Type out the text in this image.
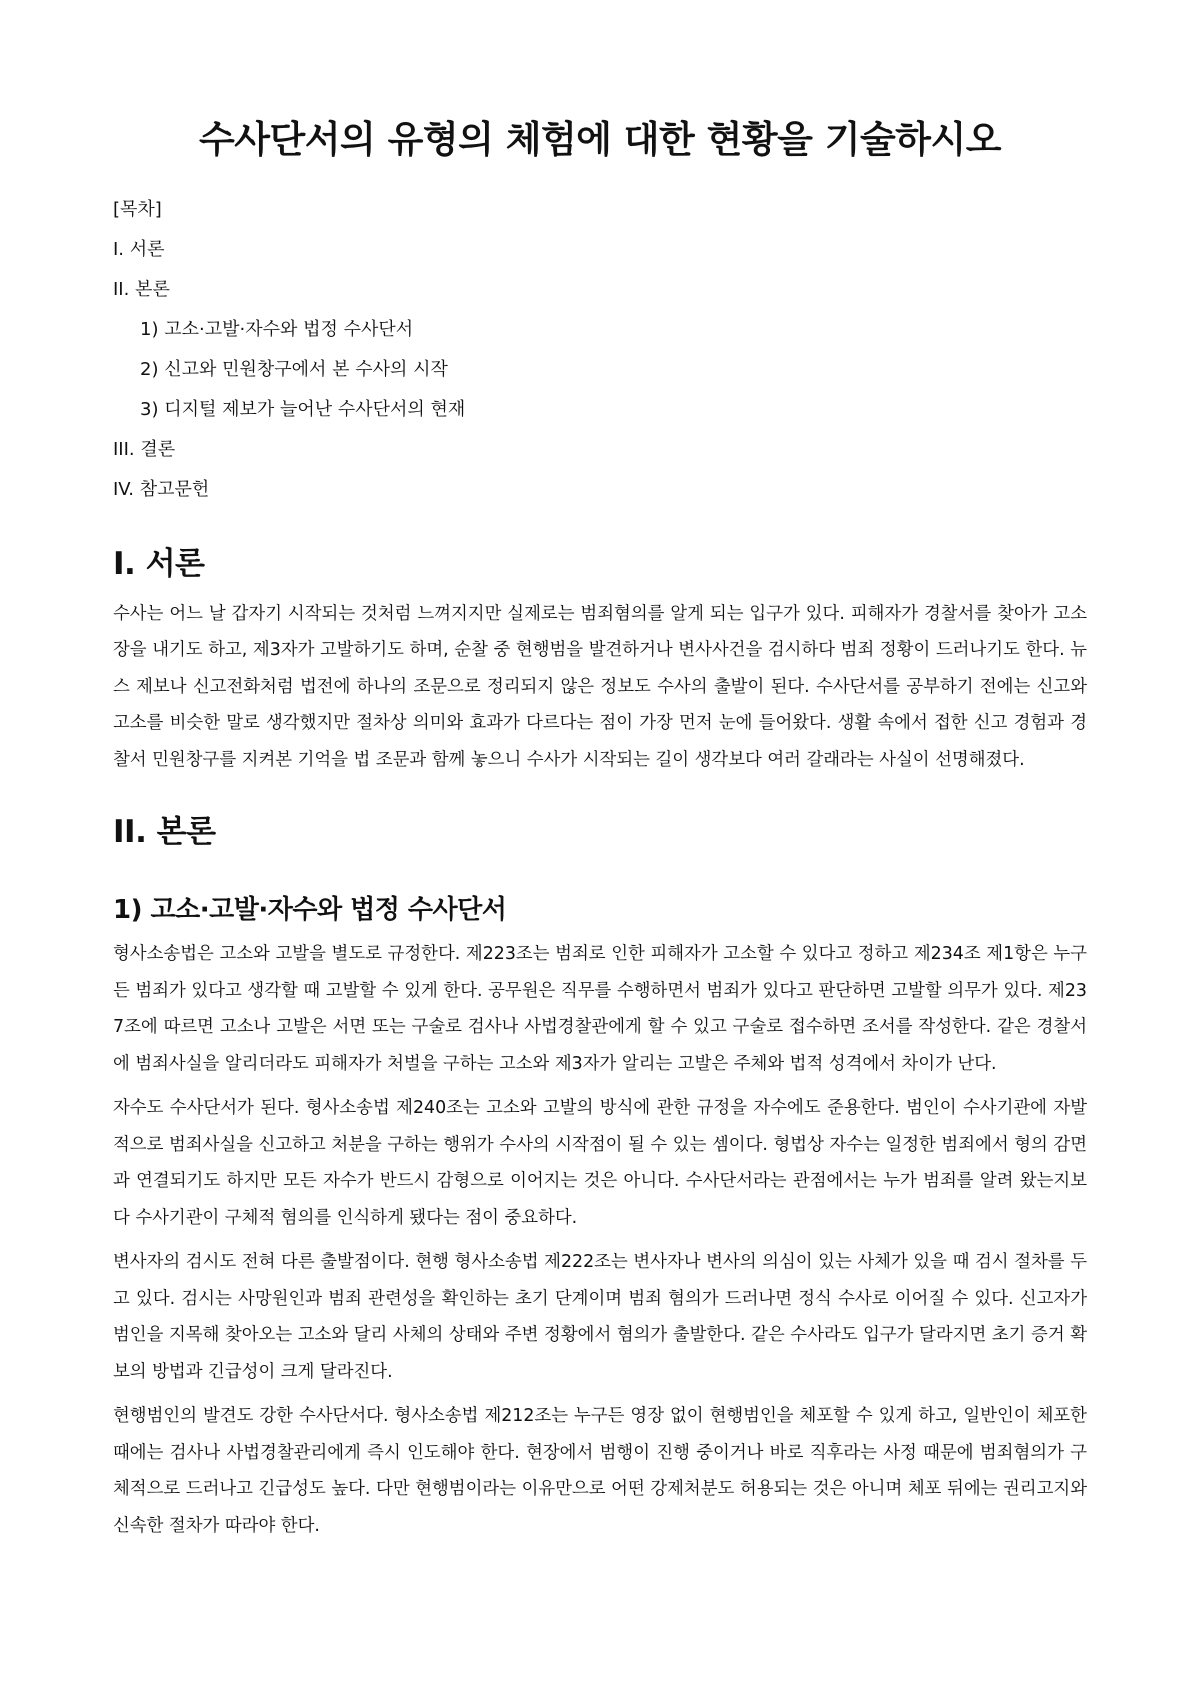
수사단서의 유형의 체험에 대한 현황을 기술하시오
[목차]
I. 서론
II. 본론
1) 고소·고발·자수와 법정 수사단서
2) 신고와 민원창구에서 본 수사의 시작
3) 디지털 제보가 늘어난 수사단서의 현재
III. 결론
IV. 참고문헌
I. 서론

수사는 어느 날 갑자기 시작되는 것처럼 느껴지지만 실제로는 범죄혐의를 알게 되는 입구가 있다. 피해자가 경찰서를 찾아가 고소장을 내기도 하고, 제3자가 고발하기도 하며, 순찰 중 현행범을 발견하거나 변사사건을 검시하다 범죄 정황이 드러나기도 한다. 뉴스 제보나 신고전화처럼 법전에 하나의 조문으로 정리되지 않은 정보도 수사의 출발이 된다. 수사단서를 공부하기 전에는 신고와 고소를 비슷한 말로 생각했지만 절차상 의미와 효과가 다르다는 점이 가장 먼저 눈에 들어왔다. 생활 속에서 접한 신고 경험과 경찰서 민원창구를 지켜본 기억을 법 조문과 함께 놓으니 수사가 시작되는 길이 생각보다 여러 갈래라는 사실이 선명해졌다.

II. 본론
1) 고소·고발·자수와 법정 수사단서

형사소송법은 고소와 고발을 별도로 규정한다. 제223조는 범죄로 인한 피해자가 고소할 수 있다고 정하고 제234조 제1항은 누구든 범죄가 있다고 생각할 때 고발할 수 있게 한다. 공무원은 직무를 수행하면서 범죄가 있다고 판단하면 고발할 의무가 있다. 제237조에 따르면 고소나 고발은 서면 또는 구술로 검사나 사법경찰관에게 할 수 있고 구술로 접수하면 조서를 작성한다. 같은 경찰서에 범죄사실을 알리더라도 피해자가 처벌을 구하는 고소와 제3자가 알리는 고발은 주체와 법적 성격에서 차이가 난다.

자수도 수사단서가 된다. 형사소송법 제240조는 고소와 고발의 방식에 관한 규정을 자수에도 준용한다. 범인이 수사기관에 자발적으로 범죄사실을 신고하고 처분을 구하는 행위가 수사의 시작점이 될 수 있는 셈이다. 형법상 자수는 일정한 범죄에서 형의 감면과 연결되기도 하지만 모든 자수가 반드시 감형으로 이어지는 것은 아니다. 수사단서라는 관점에서는 누가 범죄를 알려 왔는지보다 수사기관이 구체적 혐의를 인식하게 됐다는 점이 중요하다.

변사자의 검시도 전혀 다른 출발점이다. 현행 형사소송법 제222조는 변사자나 변사의 의심이 있는 사체가 있을 때 검시 절차를 두고 있다. 검시는 사망원인과 범죄 관련성을 확인하는 초기 단계이며 범죄 혐의가 드러나면 정식 수사로 이어질 수 있다. 신고자가 범인을 지목해 찾아오는 고소와 달리 사체의 상태와 주변 정황에서 혐의가 출발한다. 같은 수사라도 입구가 달라지면 초기 증거 확보의 방법과 긴급성이 크게 달라진다.

현행범인의 발견도 강한 수사단서다. 형사소송법 제212조는 누구든 영장 없이 현행범인을 체포할 수 있게 하고, 일반인이 체포한 때에는 검사나 사법경찰관리에게 즉시 인도해야 한다. 현장에서 범행이 진행 중이거나 바로 직후라는 사정 때문에 범죄혐의가 구체적으로 드러나고 긴급성도 높다. 다만 현행범이라는 이유만으로 어떤 강제처분도 허용되는 것은 아니며 체포 뒤에는 권리고지와 신속한 절차가 따라야 한다.
